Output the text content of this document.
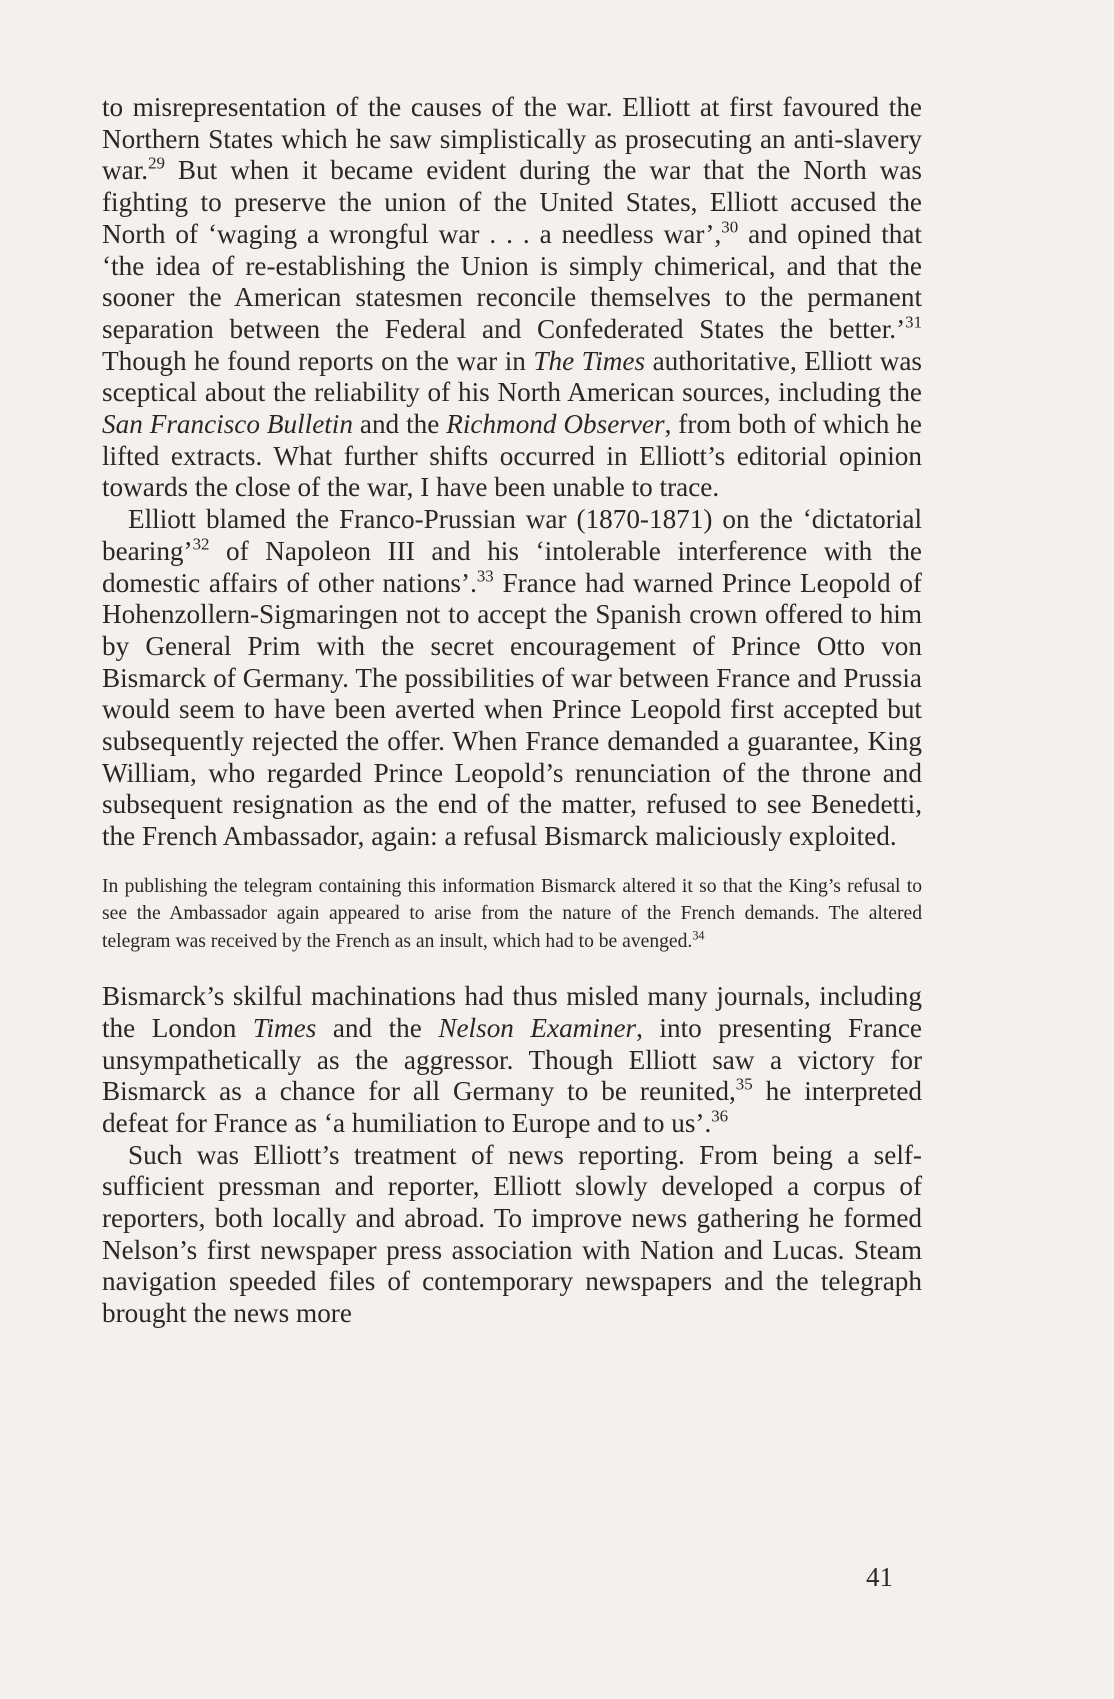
to misrepresentation of the causes of the war. Elliott at first favoured the Northern States which he saw simplistically as prosecuting an anti-slavery war.$^{29}$ But when it became evident during the war that the North was fighting to preserve the union of the United States, Elliott accused the North of ‘waging a wrongful war . . . a needless war’,$^{30}$ and opined that ‘the idea of re-establishing the Union is simply chimerical, and that the sooner the American statesmen reconcile themselves to the permanent separation between the Federal and Confederated States the better.’$^{31}$ Though he found reports on the war in The Times authoritative, Elliott was sceptical about the reliability of his North American sources, including the San Francisco Bulletin and the Richmond Observer, from both of which he lifted extracts. What further shifts occurred in Elliott’s editorial opinion towards the close of the war, I have been unable to trace.

Elliott blamed the Franco-Prussian war (1870-1871) on the ‘dictatorial bearing’$^{32}$ of Napoleon III and his ‘intolerable interference with the domestic affairs of other nations’.$^{33}$ France had warned Prince Leopold of Hohenzollern-Sigmaringen not to accept the Spanish crown offered to him by General Prim with the secret encouragement of Prince Otto von Bismarck of Germany. The possibilities of war between France and Prussia would seem to have been averted when Prince Leopold first accepted but subsequently rejected the offer. When France demanded a guarantee, King William, who regarded Prince Leopold’s renunciation of the throne and subsequent resignation as the end of the matter, refused to see Benedetti, the French Ambassador, again: a refusal Bismarck maliciously exploited.

In publishing the telegram containing this information Bismarck altered it so that the King’s refusal to see the Ambassador again appeared to arise from the nature of the French demands. The altered telegram was received by the French as an insult, which had to be avenged.$^{34}$

Bismarck’s skilful machinations had thus misled many journals, including the London Times and the Nelson Examiner, into presenting France unsympathetically as the aggressor. Though Elliott saw a victory for Bismarck as a chance for all Germany to be reunited,$^{35}$ he interpreted defeat for France as ‘a humiliation to Europe and to us’.$^{36}$

Such was Elliott’s treatment of news reporting. From being a self-sufficient pressman and reporter, Elliott slowly developed a corpus of reporters, both locally and abroad. To improve news gathering he formed Nelson’s first newspaper press association with Nation and Lucas. Steam navigation speeded files of contemporary newspapers and the telegraph brought the news more

41
